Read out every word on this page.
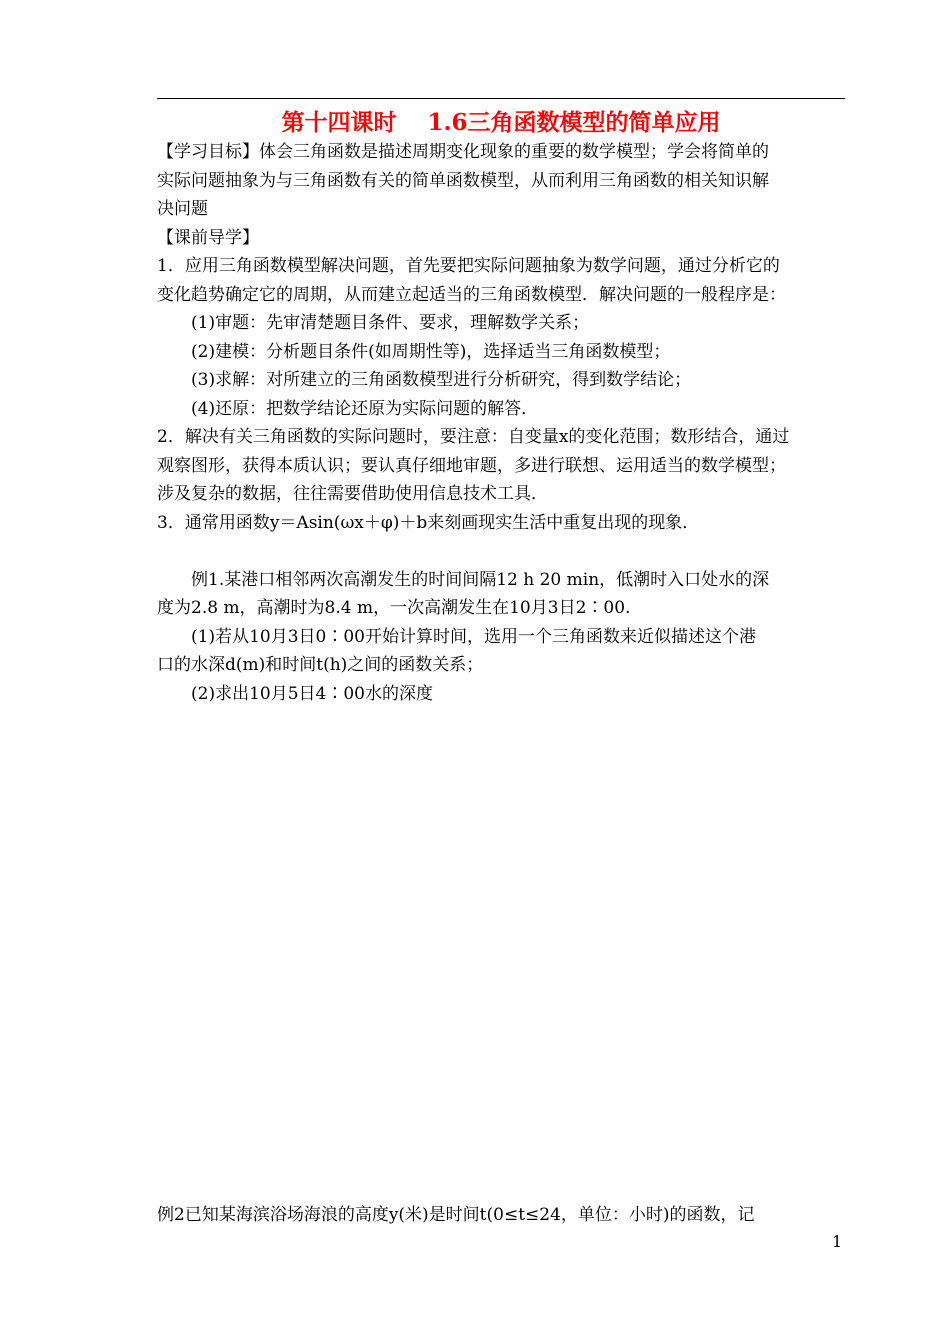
第十四课时　 1.6三角函数模型的简单应用
【学习目标】体会三角函数是描述周期变化现象的重要的数学模型；学会将简单的
实际问题抽象为与三角函数有关的简单函数模型，从而利用三角函数的相关知识解
决问题
【课前导学】
1．应用三角函数模型解决问题，首先要把实际问题抽象为数学问题，通过分析它的
变化趋势确定它的周期，从而建立起适当的三角函数模型．解决问题的一般程序是：
(1)审题：先审清楚题目条件、要求，理解数学关系；
(2)建模：分析题目条件(如周期性等)，选择适当三角函数模型；
(3)求解：对所建立的三角函数模型进行分析研究，得到数学结论；
(4)还原：把数学结论还原为实际问题的解答．
2．解决有关三角函数的实际问题时，要注意：自变量x的变化范围；数形结合，通过
观察图形，获得本质认识；要认真仔细地审题，多进行联想、运用适当的数学模型；
涉及复杂的数据，往往需要借助使用信息技术工具．
3．通常用函数y＝Asin(ωx＋φ)＋b来刻画现实生活中重复出现的现象．
例1.某港口相邻两次高潮发生的时间间隔12 h 20 min，低潮时入口处水的深
度为2.8 m，高潮时为8.4 m，一次高潮发生在10月3日2∶00.
(1)若从10月3日0∶00开始计算时间，选用一个三角函数来近似描述这个港
口的水深d(m)和时间t(h)之间的函数关系；
(2)求出10月5日4∶00水的深度
例2已知某海滨浴场海浪的高度y(米)是时间t(0≤t≤24，单位：小时)的函数，记
1
